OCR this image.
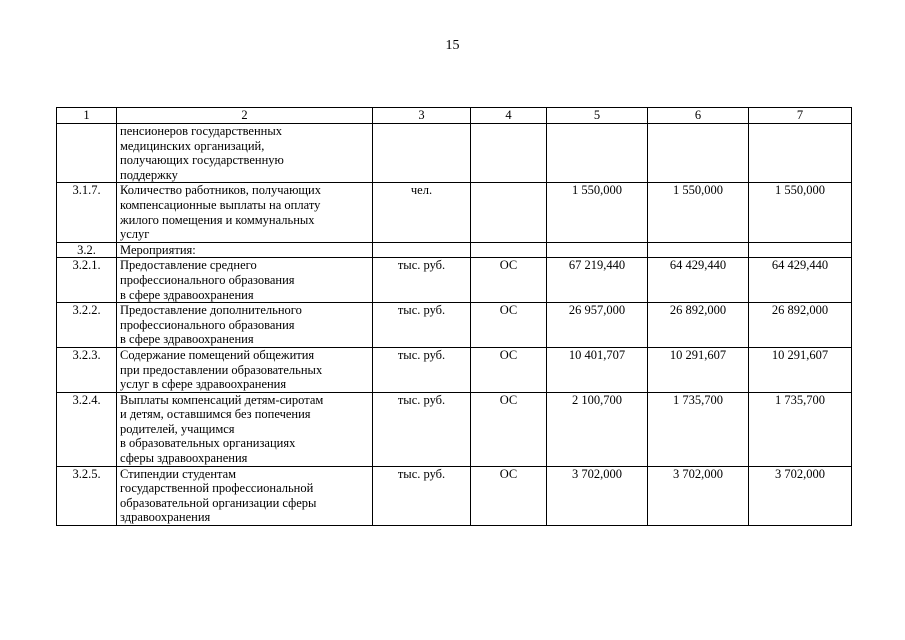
15
1	2	3	4	5	6	7

	пенсионеров государственных
медицинских организаций,
получающих государственную
поддержку					

3.1.7.	Количество работников, получающих
компенсационные выплаты на оплату
жилого помещения и коммунальных
услуг	чел.		1 550,000	1 550,000	1 550,000
3.2.	Мероприятия:					

3.2.1.	Предоставление среднего
профессионального образования
в сфере здравоохранения	тыс. руб.	ОС	67 219,440	64 429,440	64 429,440
3.2.2.	Предоставление дополнительного
профессионального образования
в сфере здравоохранения	тыс. руб.	ОС	26 957,000	26 892,000	26 892,000
3.2.3.	Содержание помещений общежития
при предоставлении образовательных
услуг в сфере здравоохранения	тыс. руб.	ОС	10 401,707	10 291,607	10 291,607
3.2.4.	Выплаты компенсаций детям-сиротам
и детям, оставшимся без попечения
родителей, учащимся
в образовательных организациях
сферы здравоохранения	тыс. руб.	ОС	2 100,700	1 735,700	1 735,700
3.2.5.	Стипендии студентам
государственной профессиональной
образовательной организации сферы
здравоохранения	тыс. руб.	ОС	3 702,000	3 702,000	3 702,000
